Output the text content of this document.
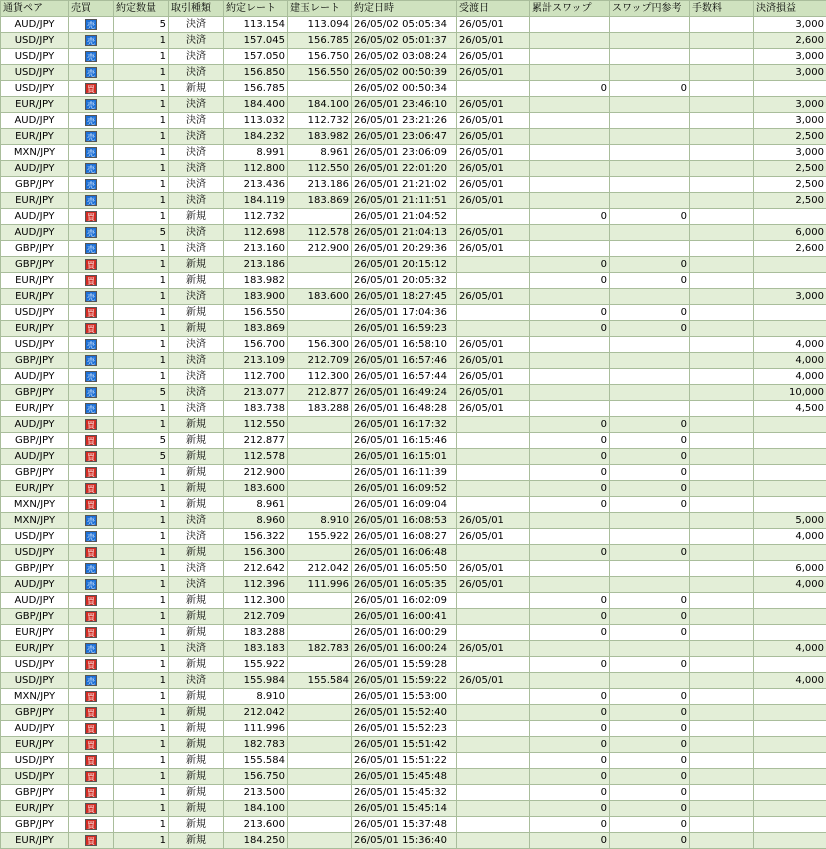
通貨ペア	売買	約定数量	取引種類	約定レート	建玉レート	約定日時	受渡日	累計スワップ	スワップ円参考	手数料	決済損益
AUD/JPY	売	5	決済	113.154	113.094	26/05/02 05:05:34	26/05/01				3,000
USD/JPY	売	1	決済	157.045	156.785	26/05/02 05:01:37	26/05/01				2,600
USD/JPY	売	1	決済	157.050	156.750	26/05/02 03:08:24	26/05/01				3,000
USD/JPY	売	1	決済	156.850	156.550	26/05/02 00:50:39	26/05/01				3,000
USD/JPY	買	1	新規	156.785		26/05/02 00:50:34		0	0		
EUR/JPY	売	1	決済	184.400	184.100	26/05/01 23:46:10	26/05/01				3,000
AUD/JPY	売	1	決済	113.032	112.732	26/05/01 23:21:26	26/05/01				3,000
EUR/JPY	売	1	決済	184.232	183.982	26/05/01 23:06:47	26/05/01				2,500
MXN/JPY	売	1	決済	8.991	8.961	26/05/01 23:06:09	26/05/01				3,000
AUD/JPY	売	1	決済	112.800	112.550	26/05/01 22:01:20	26/05/01				2,500
GBP/JPY	売	1	決済	213.436	213.186	26/05/01 21:21:02	26/05/01				2,500
EUR/JPY	売	1	決済	184.119	183.869	26/05/01 21:11:51	26/05/01				2,500
AUD/JPY	買	1	新規	112.732		26/05/01 21:04:52		0	0		
AUD/JPY	売	5	決済	112.698	112.578	26/05/01 21:04:13	26/05/01				6,000
GBP/JPY	売	1	決済	213.160	212.900	26/05/01 20:29:36	26/05/01				2,600
GBP/JPY	買	1	新規	213.186		26/05/01 20:15:12		0	0		
EUR/JPY	買	1	新規	183.982		26/05/01 20:05:32		0	0		
EUR/JPY	売	1	決済	183.900	183.600	26/05/01 18:27:45	26/05/01				3,000
USD/JPY	買	1	新規	156.550		26/05/01 17:04:36		0	0		
EUR/JPY	買	1	新規	183.869		26/05/01 16:59:23		0	0		
USD/JPY	売	1	決済	156.700	156.300	26/05/01 16:58:10	26/05/01				4,000
GBP/JPY	売	1	決済	213.109	212.709	26/05/01 16:57:46	26/05/01				4,000
AUD/JPY	売	1	決済	112.700	112.300	26/05/01 16:57:44	26/05/01				4,000
GBP/JPY	売	5	決済	213.077	212.877	26/05/01 16:49:24	26/05/01				10,000
EUR/JPY	売	1	決済	183.738	183.288	26/05/01 16:48:28	26/05/01				4,500
AUD/JPY	買	1	新規	112.550		26/05/01 16:17:32		0	0		
GBP/JPY	買	5	新規	212.877		26/05/01 16:15:46		0	0		
AUD/JPY	買	5	新規	112.578		26/05/01 16:15:01		0	0		
GBP/JPY	買	1	新規	212.900		26/05/01 16:11:39		0	0		
EUR/JPY	買	1	新規	183.600		26/05/01 16:09:52		0	0		
MXN/JPY	買	1	新規	8.961		26/05/01 16:09:04		0	0		
MXN/JPY	売	1	決済	8.960	8.910	26/05/01 16:08:53	26/05/01				5,000
USD/JPY	売	1	決済	156.322	155.922	26/05/01 16:08:27	26/05/01				4,000
USD/JPY	買	1	新規	156.300		26/05/01 16:06:48		0	0		
GBP/JPY	売	1	決済	212.642	212.042	26/05/01 16:05:50	26/05/01				6,000
AUD/JPY	売	1	決済	112.396	111.996	26/05/01 16:05:35	26/05/01				4,000
AUD/JPY	買	1	新規	112.300		26/05/01 16:02:09		0	0		
GBP/JPY	買	1	新規	212.709		26/05/01 16:00:41		0	0		
EUR/JPY	買	1	新規	183.288		26/05/01 16:00:29		0	0		
EUR/JPY	売	1	決済	183.183	182.783	26/05/01 16:00:24	26/05/01				4,000
USD/JPY	買	1	新規	155.922		26/05/01 15:59:28		0	0		
USD/JPY	売	1	決済	155.984	155.584	26/05/01 15:59:22	26/05/01				4,000
MXN/JPY	買	1	新規	8.910		26/05/01 15:53:00		0	0		
GBP/JPY	買	1	新規	212.042		26/05/01 15:52:40		0	0		
AUD/JPY	買	1	新規	111.996		26/05/01 15:52:23		0	0		
EUR/JPY	買	1	新規	182.783		26/05/01 15:51:42		0	0		
USD/JPY	買	1	新規	155.584		26/05/01 15:51:22		0	0		
USD/JPY	買	1	新規	156.750		26/05/01 15:45:48		0	0		
GBP/JPY	買	1	新規	213.500		26/05/01 15:45:32		0	0		
EUR/JPY	買	1	新規	184.100		26/05/01 15:45:14		0	0		
GBP/JPY	買	1	新規	213.600		26/05/01 15:37:48		0	0		
EUR/JPY	買	1	新規	184.250		26/05/01 15:36:40		0	0		
